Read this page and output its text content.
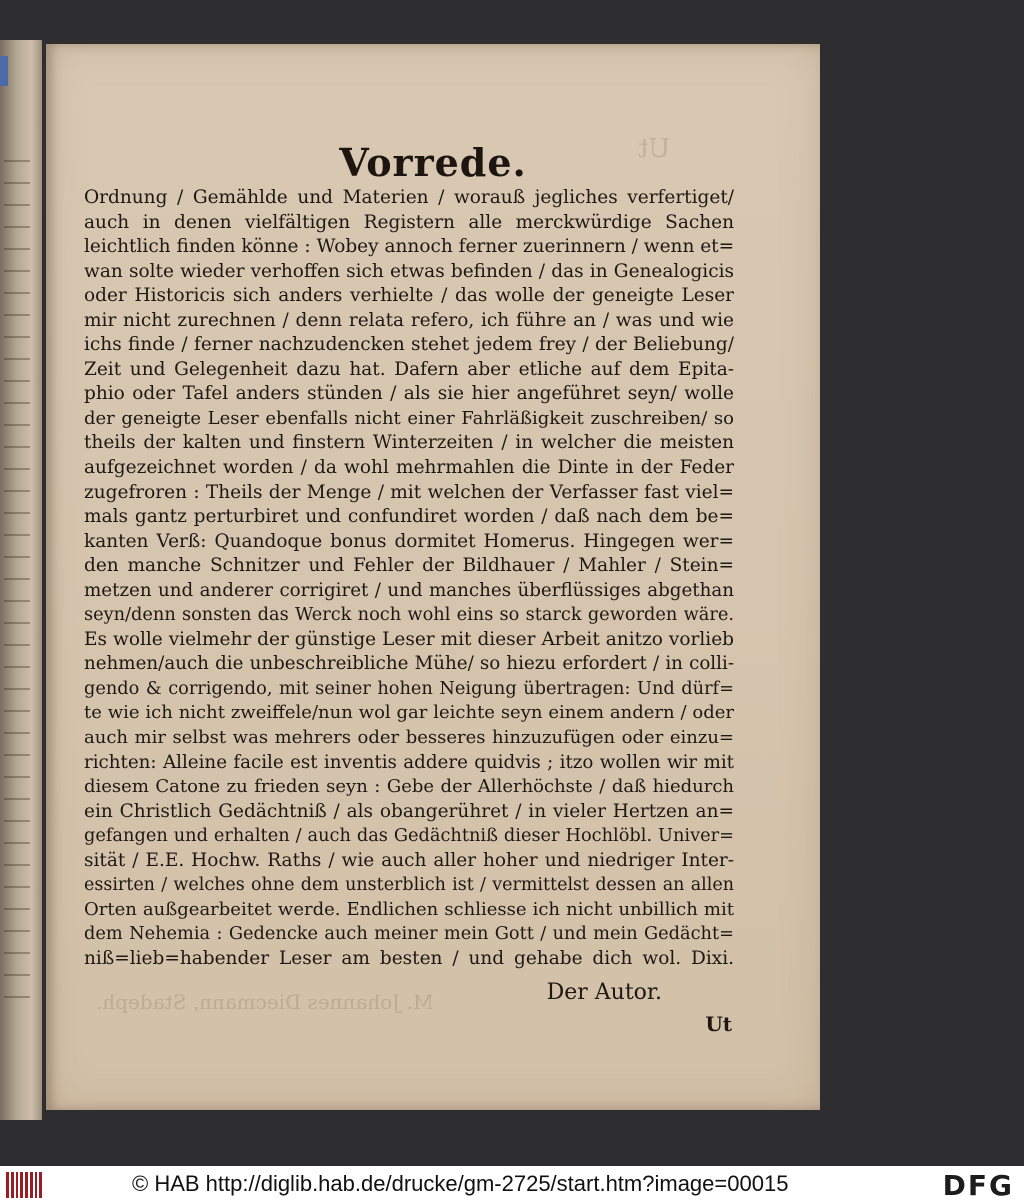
Ut
M. Johannes Diecmann, Stadeph.
Vorrede.
Ordnung / Gemählde und Materien / worauß jegliches verfertiget/
auch in denen vielfältigen Registern alle merckwürdige Sachen
leichtlich finden könne : Wobey annoch ferner zuerinnern / wenn et=
wan solte wieder verhoffen sich etwas befinden / das in Genealogicis
oder Historicis sich anders verhielte / das wolle der geneigte Leser
mir nicht zurechnen / denn relata refero, ich führe an / was und wie
ichs finde / ferner nachzudencken stehet jedem frey / der Beliebung/
Zeit und Gelegenheit dazu hat. Dafern aber etliche auf dem Epita-
phio oder Tafel anders stünden / als sie hier angeführet seyn/ wolle
der geneigte Leser ebenfalls nicht einer Fahrläßigkeit zuschreiben/ so
theils der kalten und finstern Winterzeiten / in welcher die meisten
aufgezeichnet worden / da wohl mehrmahlen die Dinte in der Feder
zugefroren : Theils der Menge / mit welchen der Verfasser fast viel=
mals gantz perturbiret und confundiret worden / daß nach dem be=
kanten Verß: Quandoque bonus dormitet Homerus. Hingegen wer=
den manche Schnitzer und Fehler der Bildhauer / Mahler / Stein=
metzen und anderer corrigiret / und manches überflüssiges abgethan
seyn/denn sonsten das Werck noch wohl eins so starck geworden wäre.
Es wolle vielmehr der günstige Leser mit dieser Arbeit anitzo vorlieb
nehmen/auch die unbeschreibliche Mühe/ so hiezu erfordert / in colli-
gendo & corrigendo, mit seiner hohen Neigung übertragen: Und dürf=
te wie ich nicht zweiffele/nun wol gar leichte seyn einem andern / oder
auch mir selbst was mehrers oder besseres hinzuzufügen oder einzu=
richten: Alleine facile est inventis addere quidvis ; itzo wollen wir mit
diesem Catone zu frieden seyn : Gebe der Allerhöchste / daß hiedurch
ein Christlich Gedächtniß / als obangerühret / in vieler Hertzen an=
gefangen und erhalten / auch das Gedächtniß dieser Hochlöbl. Univer=
sität / E.E. Hochw. Raths / wie auch aller hoher und niedriger Inter-
essirten / welches ohne dem unsterblich ist / vermittelst dessen an allen
Orten außgearbeitet werde. Endlichen schliesse ich nicht unbillich mit
dem Nehemia : Gedencke auch meiner mein Gott / und mein Gedächt=
niß=lieb=habender Leser am besten / und gehabe dich wol. Dixi.
Der Autor.
Ut
© HAB http://diglib.hab.de/drucke/gm-2725/start.htm?image=00015	DFG
